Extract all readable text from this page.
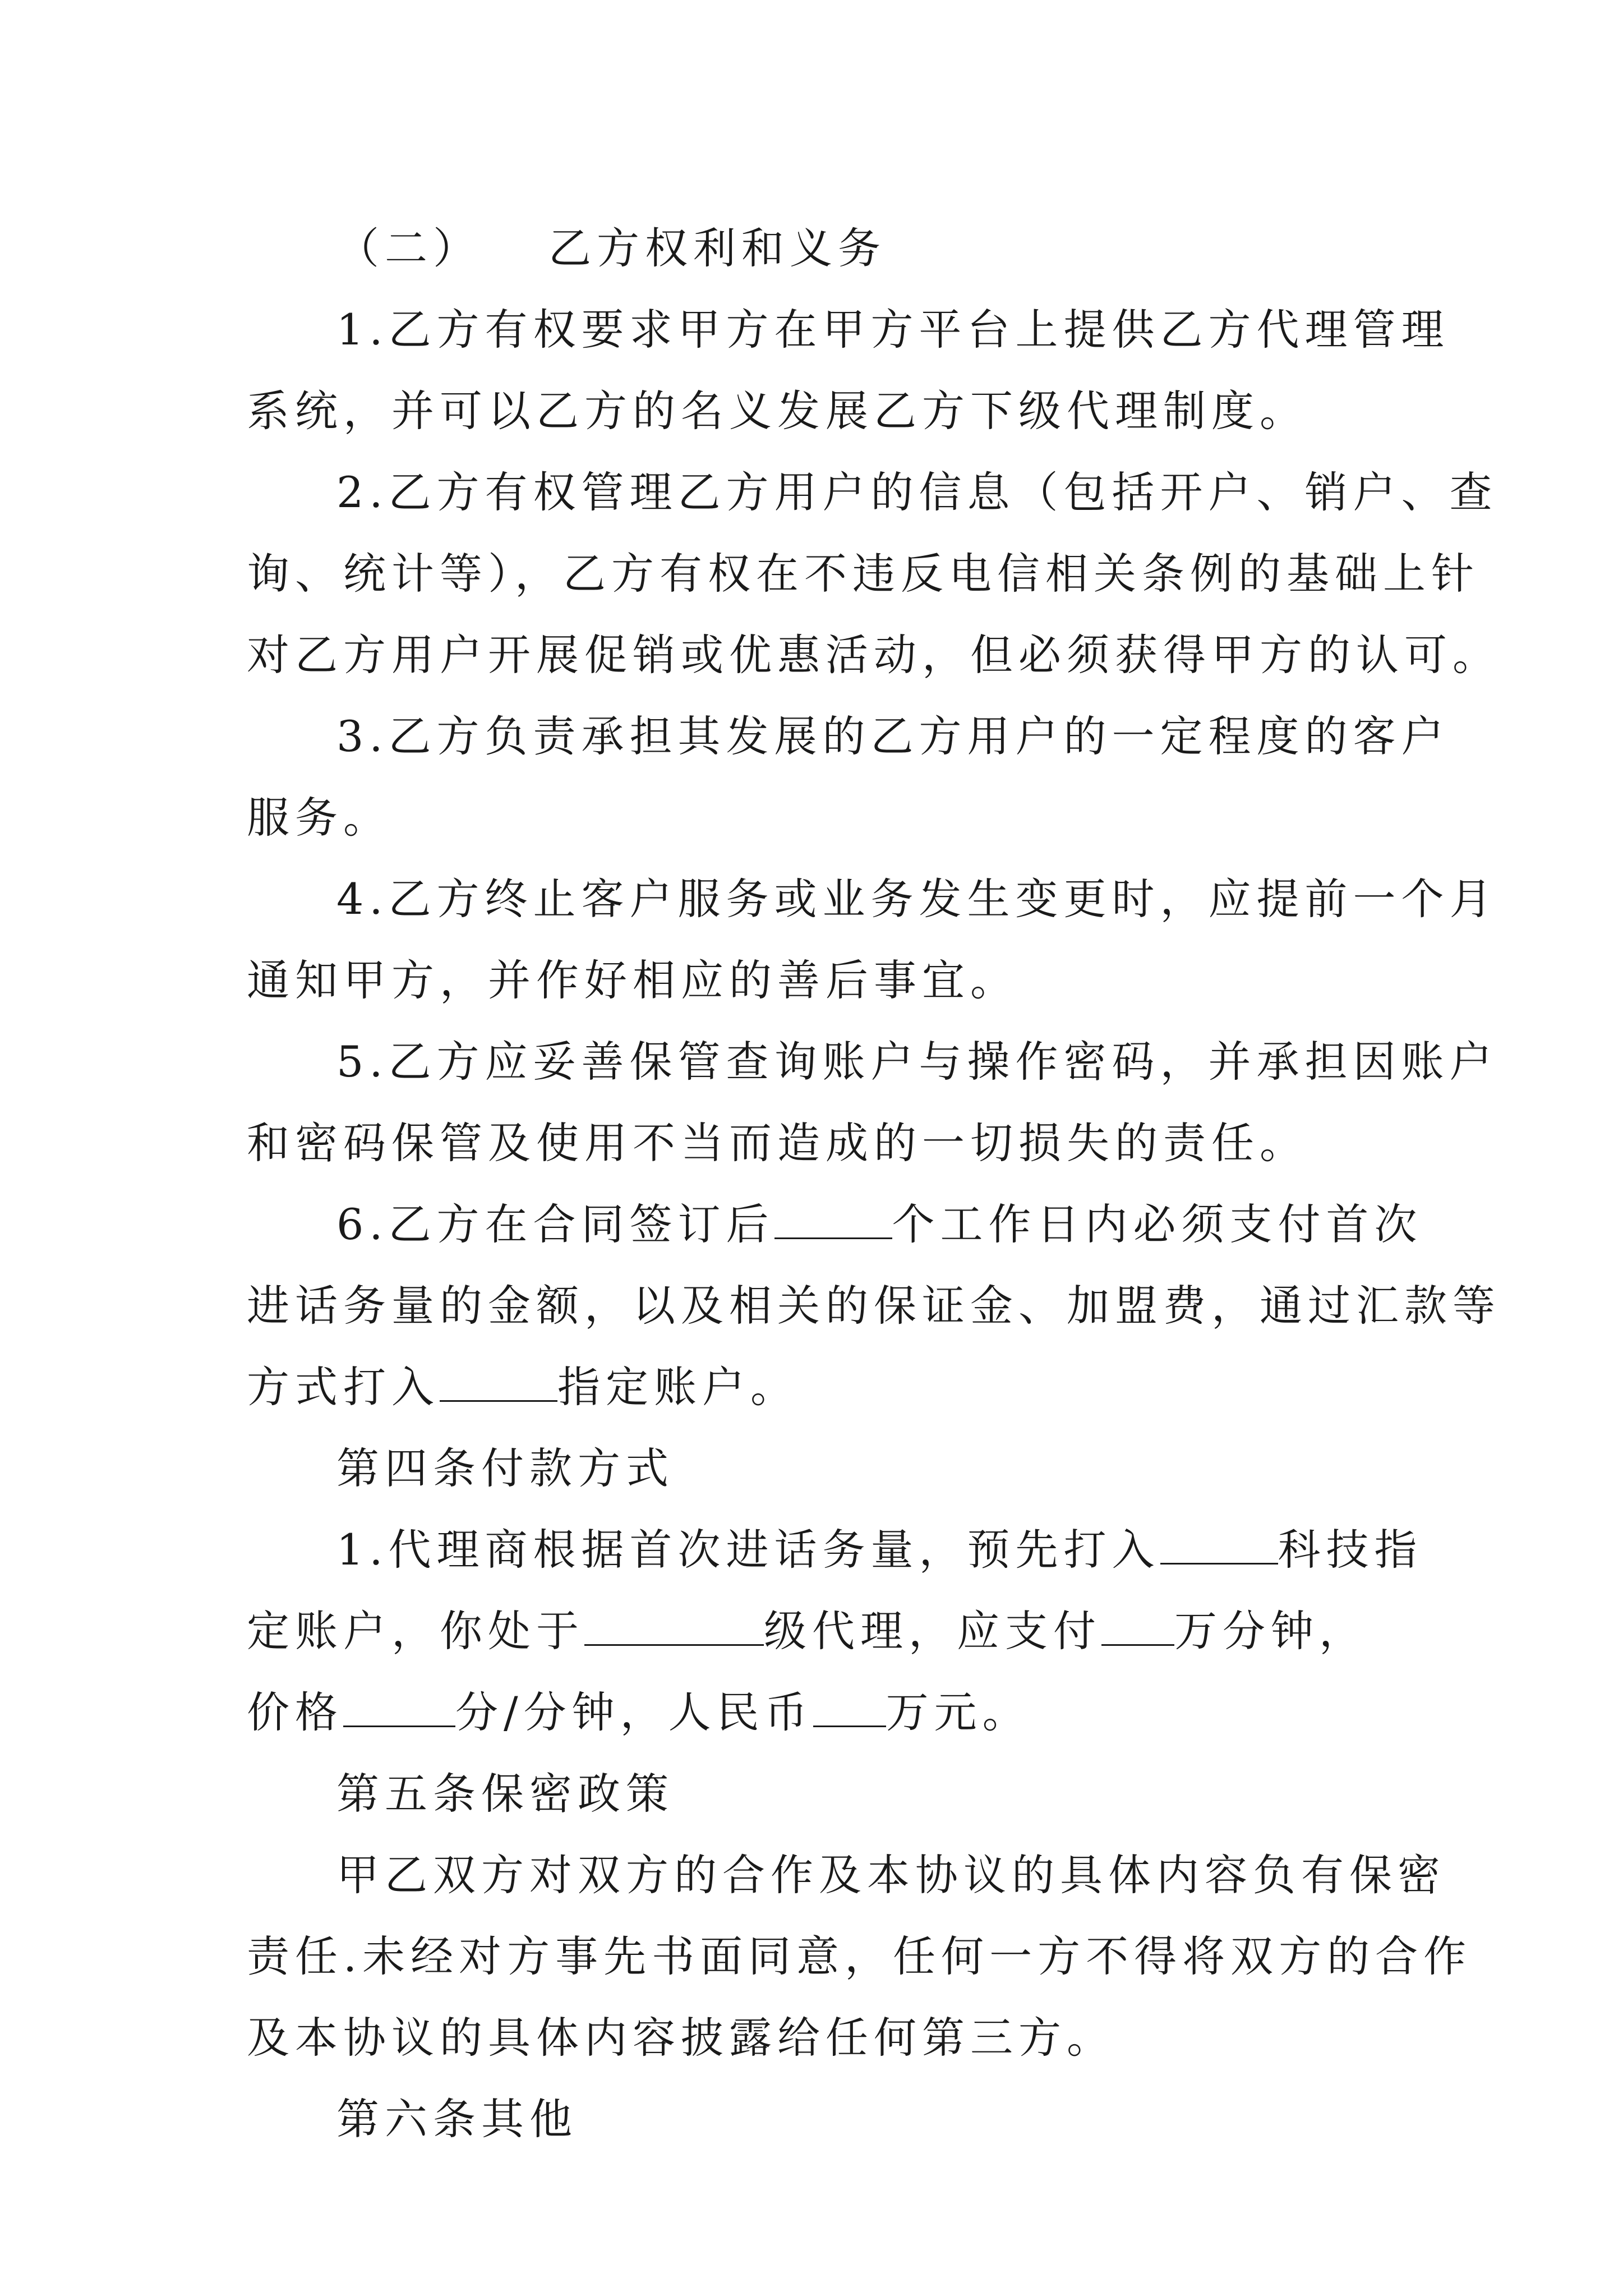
（二） 乙方权利和义务
1.乙方有权要求甲方在甲方平台上提供乙方代理管理
系统，并可以乙方的名义发展乙方下级代理制度。
2.乙方有权管理乙方用户的信息（包括开户、销户、查
询、统计等），乙方有权在不违反电信相关条例的基础上针
对乙方用户开展促销或优惠活动，但必须获得甲方的认可。
3.乙方负责承担其发展的乙方用户的一定程度的客户
服务。
4.乙方终止客户服务或业务发生变更时，应提前一个月
通知甲方，并作好相应的善后事宜。
5.乙方应妥善保管查询账户与操作密码，并承担因账户
和密码保管及使用不当而造成的一切损失的责任。
6.乙方在合同签订后	个工作日内必须支付首次
进话务量的金额，以及相关的保证金、加盟费，通过汇款等
方式打入	指定账户。
第四条付款方式
1.代理商根据首次进话务量，预先打入	科技指
定账户，你处于	级代理，应支付 万分钟，
价格	分/分钟，人民币 万元。
第五条保密政策
甲乙双方对双方的合作及本协议的具体内容负有保密
责任.未经对方事先书面同意，任何一方不得将双方的合作
及本协议的具体内容披露给任何第三方。
第六条其他
